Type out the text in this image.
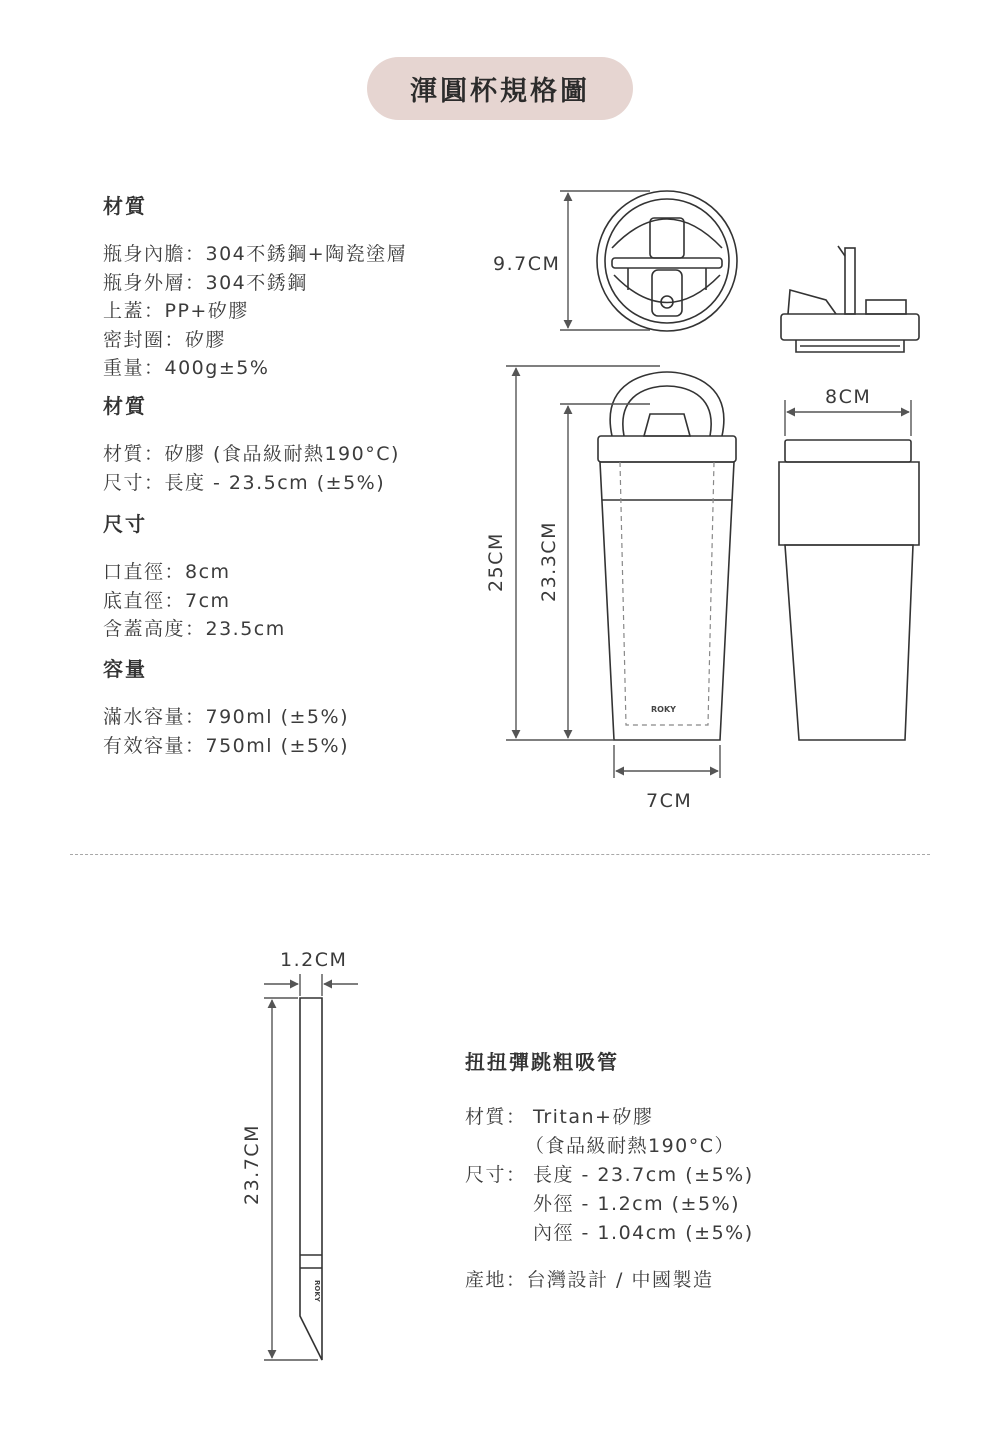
渾圓杯規格圖
材質
瓶身內膽：304不銹鋼+陶瓷塗層
瓶身外層：304不銹鋼
上蓋：PP+矽膠
密封圈：矽膠
重量：400g±5%
材質
材質：矽膠 (食品級耐熱190°C)
尺寸：長度 - 23.5cm (±5%)
尺寸
口直徑：8cm
底直徑：7cm
含蓋高度：23.5cm
容量
滿水容量：790ml (±5%)
有效容量：750ml (±5%)
9.7CM
8CM
7CM
25CM 23.3CM
1.2CM
23.7CM
ROKY
ROKY
扭扭彈跳粗吸管
材質： Tritan+矽膠
（食品級耐熱190°C）
尺寸： 長度 - 23.7cm (±5%)
外徑 - 1.2cm (±5%)
內徑 - 1.04cm (±5%)
產地：台灣設計 / 中國製造
